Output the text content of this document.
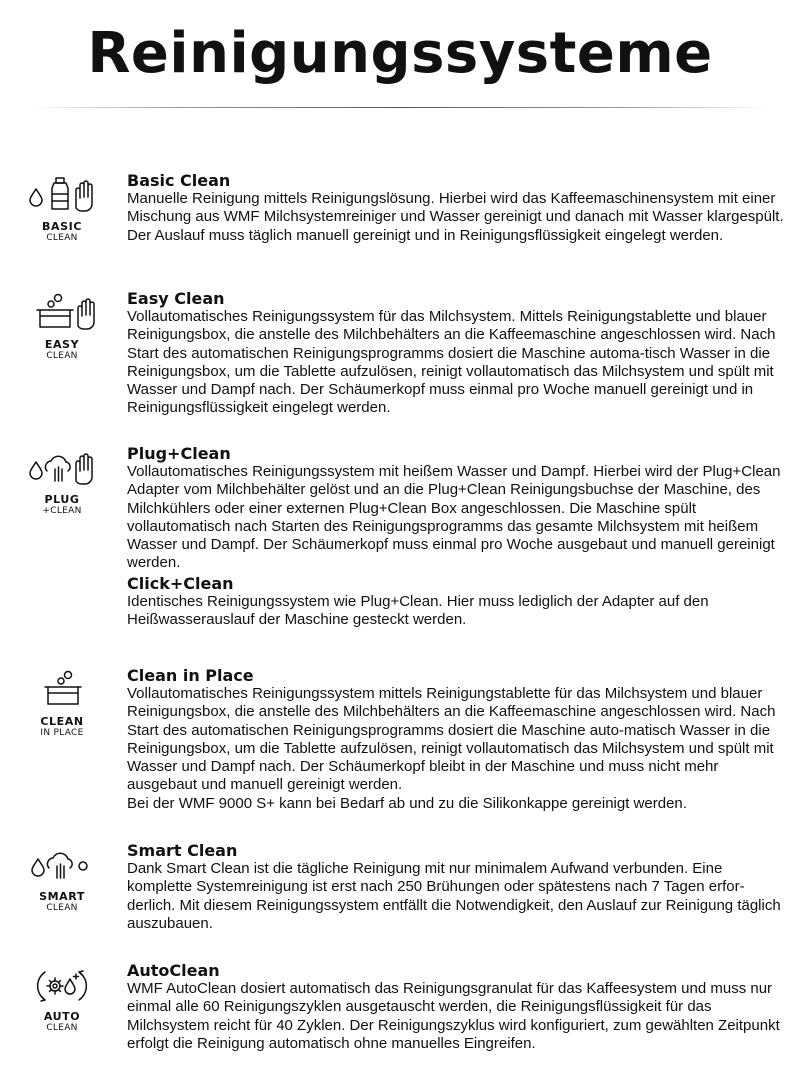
Reinigungssysteme
BASIC
CLEAN
Basic Clean
Manuelle Reinigung mittels Reinigungslösung. Hierbei wird das Kaffeemaschinensystem mit einer Mischung aus WMF Milchsystemreiniger und Wasser gereinigt und danach mit Wasser klargespült. Der Auslauf muss täglich manuell gereinigt und in Reinigungsflüssigkeit eingelegt werden.
EASY
CLEAN
Easy Clean
Vollautomatisches Reinigungssystem für das Milchsystem. Mittels Reinigungstablette und blauer Reinigungsbox, die anstelle des Milchbehälters an die Kaffeemaschine angeschlossen wird. Nach Start des automatischen Reinigungsprogramms dosiert die Maschine automa-tisch Wasser in die Reinigungsbox, um die Tablette aufzulösen, reinigt vollautomatisch das Milchsystem und spült mit Wasser und Dampf nach. Der Schäumerkopf muss einmal pro Woche manuell gereinigt und in Reinigungsflüssigkeit eingelegt werden.
PLUG
+CLEAN
Plug+Clean
Vollautomatisches Reinigungssystem mit heißem Wasser und Dampf. Hierbei wird der Plug+Clean Adapter vom Milchbehälter gelöst und an die Plug+Clean Reinigungsbuchse der Maschine, des Milchkühlers oder einer externen Plug+Clean Box angeschlossen. Die Maschine spült vollautomatisch nach Starten des Reinigungsprogramms das gesamte Milchsystem mit heißem Wasser und Dampf. Der Schäumerkopf muss einmal pro Woche ausgebaut und manuell gereinigt werden.
Click+Clean
Identisches Reinigungssystem wie Plug+Clean. Hier muss lediglich der Adapter auf den Heißwasserauslauf der Maschine gesteckt werden.
CLEAN
IN PLACE
Clean in Place
Vollautomatisches Reinigungssystem mittels Reinigungstablette für das Milchsystem und blauer Reinigungsbox, die anstelle des Milchbehälters an die Kaffeemaschine angeschlossen wird. Nach Start des automatischen Reinigungsprogramms dosiert die Maschine auto-matisch Wasser in die Reinigungsbox, um die Tablette aufzulösen, reinigt vollautomatisch das Milchsystem und spült mit Wasser und Dampf nach. Der Schäumerkopf bleibt in der Maschine und muss nicht mehr ausgebaut und manuell gereinigt werden.
Bei der WMF 9000 S+ kann bei Bedarf ab und zu die Silikonkappe gereinigt werden.
SMART
CLEAN
Smart Clean
Dank Smart Clean ist die tägliche Reinigung mit nur minimalem Aufwand verbunden. Eine komplette Systemreinigung ist erst nach 250 Brühungen oder spätestens nach 7 Tagen erfor-derlich. Mit diesem Reinigungssystem entfällt die Notwendigkeit, den Auslauf zur Reinigung täglich auszubauen.
AUTO
CLEAN
AutoClean
WMF AutoClean dosiert automatisch das Reinigungsgranulat für das Kaffeesystem und muss nur einmal alle 60 Reinigungszyklen ausgetauscht werden, die Reinigungsflüssigkeit für das Milchsystem reicht für 40 Zyklen. Der Reinigungszyklus wird konfiguriert, zum gewählten Zeitpunkt erfolgt die Reinigung automatisch ohne manuelles Eingreifen.
